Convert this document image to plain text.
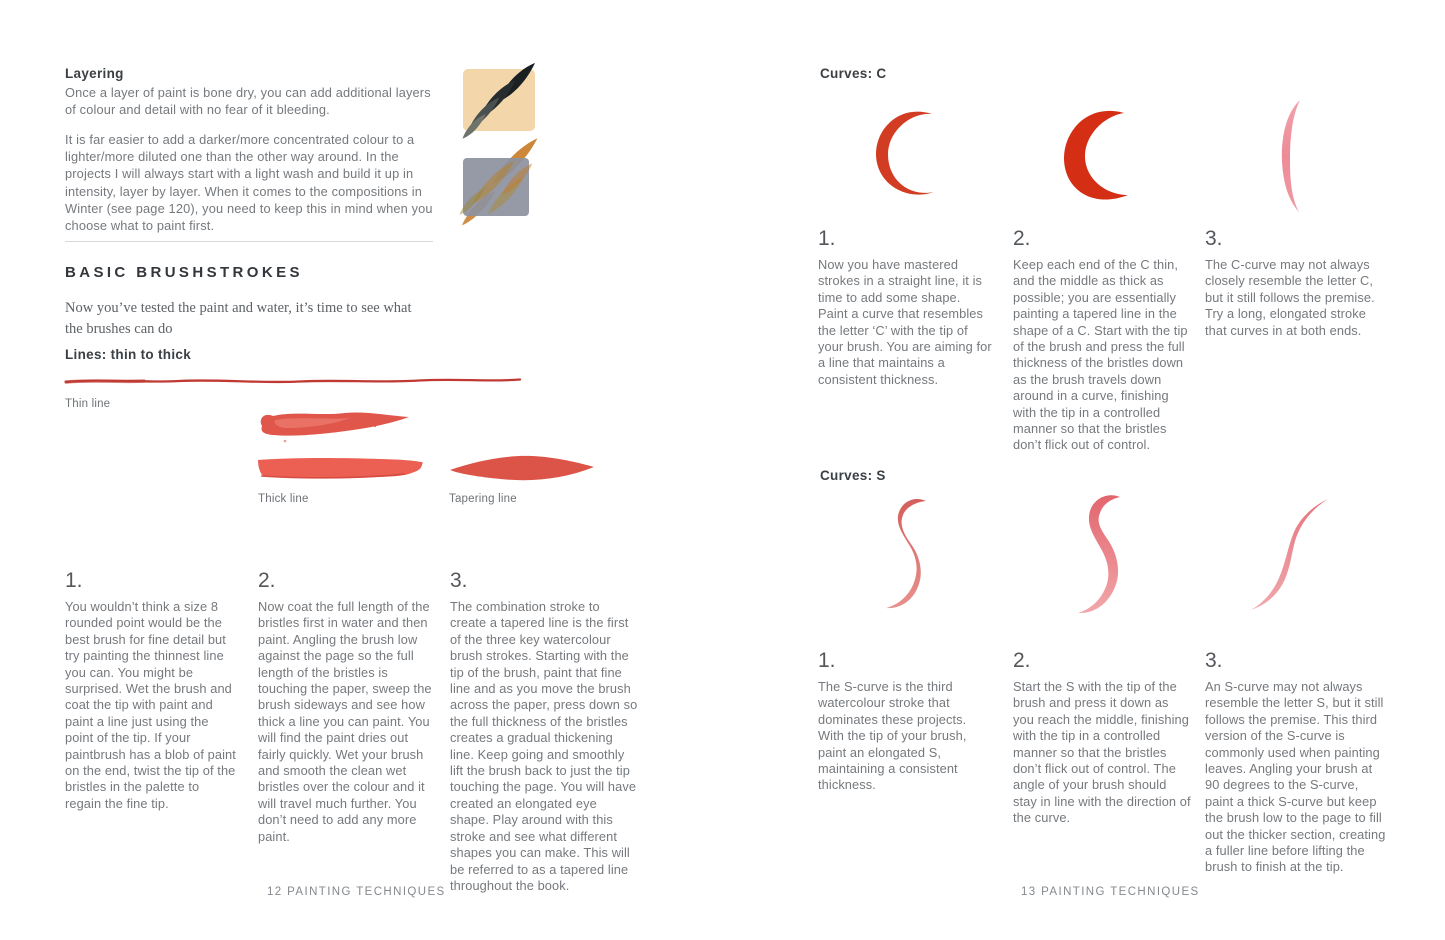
Layering
Once a layer of paint is bone dry, you can add additional layers of colour and detail with no fear of it bleeding.
It is far easier to add a darker/more concentrated colour to a lighter/more diluted one than the other way around. In the projects I will always start with a light wash and build it up in intensity, layer by layer. When it comes to the compositions in Winter (see page 120), you need to keep this in mind when you choose what to paint first.
BASIC BRUSHSTROKES
Now you’ve tested the paint and water, it’s time to see what the brushes can do
Lines: thin to thick
Thin line
Thick line	Tapering line
1.
You wouldn’t think a size 8 rounded point would be the best brush for fine detail but try painting the thinnest line you can. You might be surprised. Wet the brush and coat the tip with paint and paint a line just using the point of the tip. If your paintbrush has a blob of paint on the end, twist the tip of the bristles in the palette to regain the fine tip.
2.
Now coat the full length of the bristles first in water and then paint. Angling the brush low against the page so the full length of the bristles is touching the paper, sweep the brush sideways and see how thick a line you can paint. You will find the paint dries out fairly quickly. Wet your brush and smooth the clean wet bristles over the colour and it will travel much further. You don’t need to add any more paint.
3.
The combination stroke to create a tapered line is the first of the three key watercolour brush strokes. Starting with the tip of the brush, paint that fine line and as you move the brush across the paper, press down so the full thickness of the bristles creates a gradual thickening line. Keep going and smoothly lift the brush back to just the tip touching the page. You will have created an elongated eye shape. Play around with this stroke and see what different shapes you can make. This will be referred to as a tapered line throughout the book.
12 PAINTING TECHNIQUES
Curves: C
1.
Now you have mastered strokes in a straight line, it is time to add some shape. Paint a curve that resembles the letter ‘C’ with the tip of your brush. You are aiming for a line that maintains a consistent thickness.
2.
Keep each end of the C thin, and the middle as thick as possible; you are essentially painting a tapered line in the shape of a C. Start with the tip of the brush and press the full thickness of the bristles down as the brush travels down around in a curve, finishing with the tip in a controlled manner so that the bristles don’t flick out of control.
3.
The C-curve may not always closely resemble the letter C, but it still follows the premise. Try a long, elongated stroke that curves in at both ends.
Curves: S
1.
The S-curve is the third watercolour stroke that dominates these projects. With the tip of your brush, paint an elongated S, maintaining a consistent thickness.
2.
Start the S with the tip of the brush and press it down as you reach the middle, finishing with the tip in a controlled manner so that the bristles don’t flick out of control. The angle of your brush should stay in line with the direction of the curve.
3.
An S-curve may not always resemble the letter S, but it still follows the premise. This third version of the S-curve is commonly used when painting leaves. Angling your brush at 90 degrees to the S-curve, paint a thick S-curve but keep the brush low to the page to fill out the thicker section, creating a fuller line before lifting the brush to finish at the tip.
13 PAINTING TECHNIQUES
